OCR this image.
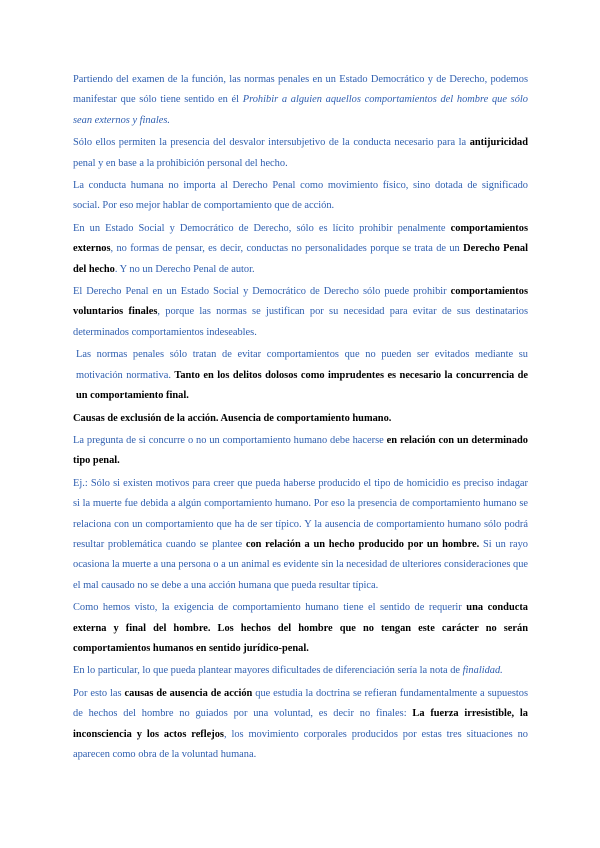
Partiendo del examen de la función, las normas penales en un Estado Democrático y de Derecho, podemos manifestar que sólo tiene sentido en él Prohibir a alguien aquellos comportamientos del hombre que sólo sean externos y finales.

Sólo ellos permiten la presencia del desvalor intersubjetivo de la conducta necesario para la antijuricidad penal y en base a la prohibición personal del hecho.

La conducta humana no importa al Derecho Penal como movimiento físico, sino dotada de significado social. Por eso mejor hablar de comportamiento que de acción.

En un Estado Social y Democrático de Derecho, sólo es lícito prohibir penalmente comportamientos externos, no formas de pensar, es decir, conductas no personalidades porque se trata de un Derecho Penal del hecho. Y no un Derecho Penal de autor.

El Derecho Penal en un Estado Social y Democrático de Derecho sólo puede prohibir comportamientos voluntarios finales, porque las normas se justifican por su necesidad para evitar de sus destinatarios determinados comportamientos indeseables.

Las normas penales sólo tratan de evitar comportamientos que no pueden ser evitados mediante su motivación normativa. Tanto en los delitos dolosos como imprudentes es necesario la concurrencia de un comportamiento final.

Causas de exclusión de la acción. Ausencia de comportamiento humano.

La pregunta de si concurre o no un comportamiento humano debe hacerse en relación con un determinado tipo penal.

Ej.: Sólo si existen motivos para creer que pueda haberse producido el tipo de homicidio es preciso indagar si la muerte fue debida a algún comportamiento humano. Por eso la presencia de comportamiento humano se relaciona con un comportamiento que ha de ser típico. Y la ausencia de comportamiento humano sólo podrá resultar problemática cuando se plantee con relación a un hecho producido por un hombre. Si un rayo ocasiona la muerte a una persona o a un animal es evidente sin la necesidad de ulteriores consideraciones que el mal causado no se debe a una acción humana que pueda resultar típica.

Como hemos visto, la exigencia de comportamiento humano tiene el sentido de requerir una conducta externa y final del hombre. Los hechos del hombre que no tengan este carácter no serán comportamientos humanos en sentido jurídico-penal.

En lo particular, lo que pueda plantear mayores dificultades de diferenciación sería la nota de finalidad.

Por esto las causas de ausencia de acción que estudia la doctrina se refieran fundamentalmente a supuestos de hechos del hombre no guiados por una voluntad, es decir no finales: La fuerza irresistible, la inconsciencia y los actos reflejos, los movimiento corporales producidos por estas tres situaciones no aparecen como obra de la voluntad humana.
